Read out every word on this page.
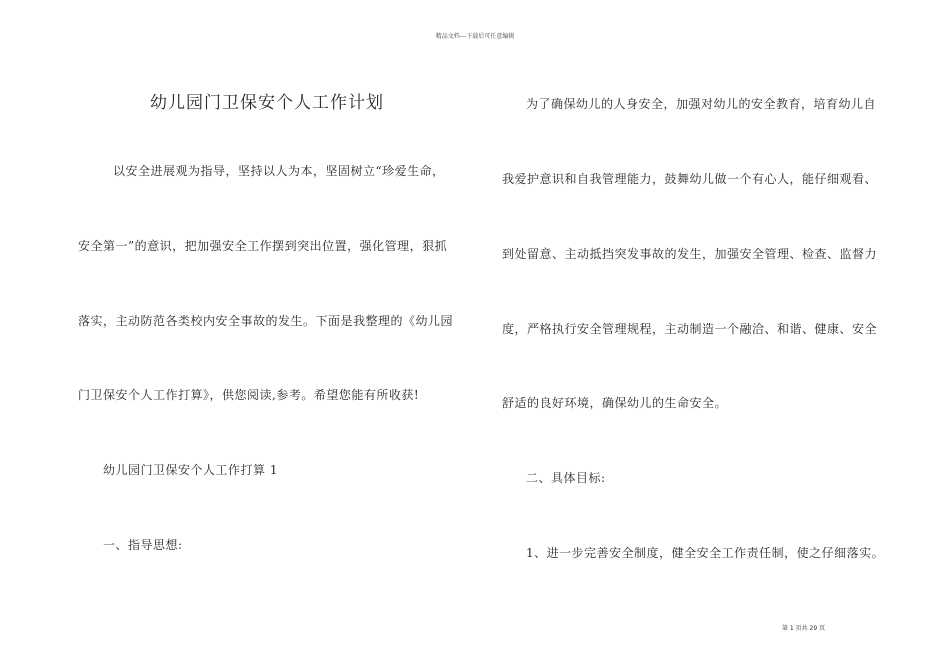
精品文档---下载后可任意编辑
幼儿园门卫保安个人工作计划
以安全进展观为指导，坚持以人为本，坚固树立“珍爱生命，
安全第一”的意识，把加强安全工作摆到突出位置，强化管理，狠抓
落实，主动防范各类校内安全事故的发生。下面是我整理的《幼儿园
门卫保安个人工作打算》，供您阅读,参考。希望您能有所收获!
幼儿园门卫保安个人工作打算 1
一、指导思想:
为了确保幼儿的人身安全，加强对幼儿的安全教育，培育幼儿自
我爱护意识和自我管理能力，鼓舞幼儿做一个有心人，能仔细观看、
到处留意、主动抵挡突发事故的发生，加强安全管理、检查、监督力
度，严格执行安全管理规程，主动制造一个融洽、和谐、健康、安全
舒适的良好环境，确保幼儿的生命安全。
二、具体目标:
1、进一步完善安全制度，健全安全工作责任制，使之仔细落实。
第 1 页共 29 页
